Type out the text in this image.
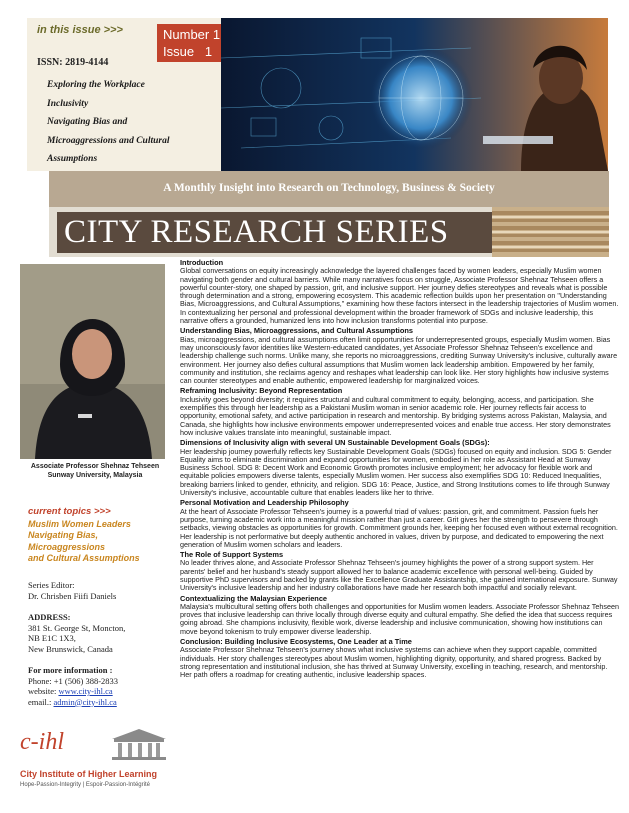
in this issue >>>
ISSN: 2819-4144
Number 1
Issue   1
Exploring the Workplace
Inclusivity
Navigating Bias and
Microaggressions and Cultural
Assumptions
A Monthly Insight into Research on Technology, Business & Society
CITY RESEARCH SERIES
Associate Professor Shehnaz Tehseen
Sunway University, Malaysia
current topics >>>
Muslim Women Leaders
Navigating Bias,
Microaggressions
and Cultural Assumptions
Series Editor:
Dr. Chrisben Fiifi Daniels
ADDRESS:
381 St. George St, Moncton,
NB E1C 1X3,
New Brunswick, Canada
For more information :
Phone: +1 (506) 388-2833
website: www.city-ihl.ca
email.: admin@city-ihl.ca
c-ihl
City Institute of Higher Learning
Hope-Passion-Integrity | Espoir-Passion-Intégrité
Introduction

Global conversations on equity increasingly acknowledge the layered challenges faced by women leaders, especially Muslim women navigating both gender and cultural barriers. While many narratives focus on struggle, Associate Professor Shehnaz Tehseen offers a powerful counter-story, one shaped by passion, grit, and inclusive support. Her journey defies stereotypes and reveals what is possible through determination and a strong, empowering ecosystem. This academic reflection builds upon her presentation on "Understanding Bias, Microaggressions, and Cultural Assumptions," examining how these factors intersect in the leadership trajectories of Muslim women. In contextualizing her personal and professional development within the broader framework of SDGs and inclusive leadership, this narrative offers a grounded, humanized lens into how inclusion transforms potential into purpose.

Understanding Bias, Microaggressions, and Cultural Assumptions

Bias, microaggressions, and cultural assumptions often limit opportunities for underrepresented groups, especially Muslim women. Bias may unconsciously favor identities like Western-educated candidates, yet Associate Professor Shehnaz Tehseen's excellence and leadership challenge such norms. Unlike many, she reports no microaggressions, crediting Sunway University's inclusive, culturally aware environment. Her journey also defies cultural assumptions that Muslim women lack leadership ambition. Empowered by her family, community and institution, she reclaims agency and reshapes what leadership can look like. Her story highlights how inclusive systems can counter stereotypes and enable authentic, empowered leadership for marginalized voices.

Reframing Inclusivity: Beyond Representation

Inclusivity goes beyond diversity; it requires structural and cultural commitment to equity, belonging, access, and participation. She exemplifies this through her leadership as a Pakistani Muslim woman in senior academic role. Her journey reflects fair access to opportunity, emotional safety, and active participation in research and mentorship. By bridging systems across Pakistan, Malaysia, and Canada, she highlights how inclusive environments empower underrepresented voices and enable true access. Her story demonstrates how inclusive values translate into meaningful, sustainable impact.

Dimensions of Inclusivity align with several UN Sustainable Development Goals (SDGs):

Her leadership journey powerfully reflects key Sustainable Development Goals (SDGs) focused on equity and inclusion. SDG 5: Gender Equality aims to eliminate discrimination and expand opportunities for women, embodied in her role as Assistant Head at Sunway Business School. SDG 8: Decent Work and Economic Growth promotes inclusive employment; her advocacy for flexible work and equitable policies empowers diverse talents, especially Muslim women. Her success also exemplifies SDG 10: Reduced Inequalities, breaking barriers linked to gender, ethnicity, and religion. SDG 16: Peace, Justice, and Strong Institutions comes to life through Sunway University's inclusive, accountable culture that enables leaders like her to thrive.

Personal Motivation and Leadership Philosophy

At the heart of Associate Professor Tehseen's journey is a powerful triad of values: passion, grit, and commitment. Passion fuels her purpose, turning academic work into a meaningful mission rather than just a career. Grit gives her the strength to persevere through setbacks, viewing obstacles as opportunities for growth. Commitment grounds her, keeping her focused even without external recognition. Her leadership is not performative but deeply authentic anchored in values, driven by purpose, and dedicated to empowering the next generation of Muslim women scholars and leaders.

The Role of Support Systems

No leader thrives alone, and Associate Professor Shehnaz Tehseen's journey highlights the power of a strong support system. Her parents' belief and her husband's steady support allowed her to balance academic excellence with personal well-being. Guided by supportive PhD supervisors and backed by grants like the Excellence Graduate Assistantship, she gained international exposure. Sunway University's inclusive leadership and her industry collaborations have made her research both impactful and socially relevant.

Contextualizing the Malaysian Experience

Malaysia's multicultural setting offers both challenges and opportunities for Muslim women leaders. Associate Professor Shehnaz Tehseen proves that inclusive leadership can thrive locally through diverse equity and cultural empathy. She defied the idea that success requires going abroad. She champions inclusivity, flexible work, diverse leadership and inclusive communication, showing how institutions can move beyond tokenism to truly empower diverse leadership.

Conclusion: Building Inclusive Ecosystems, One Leader at a Time

Associate Professor Shehnaz Tehseen's journey shows what inclusive systems can achieve when they support capable, committed individuals. Her story challenges stereotypes about Muslim women, highlighting dignity, opportunity, and shared progress. Backed by strong representation and institutional inclusion, she has thrived at Sunway University, excelling in teaching, research, and mentorship. Her path offers a roadmap for creating authentic, inclusive leadership spaces.
